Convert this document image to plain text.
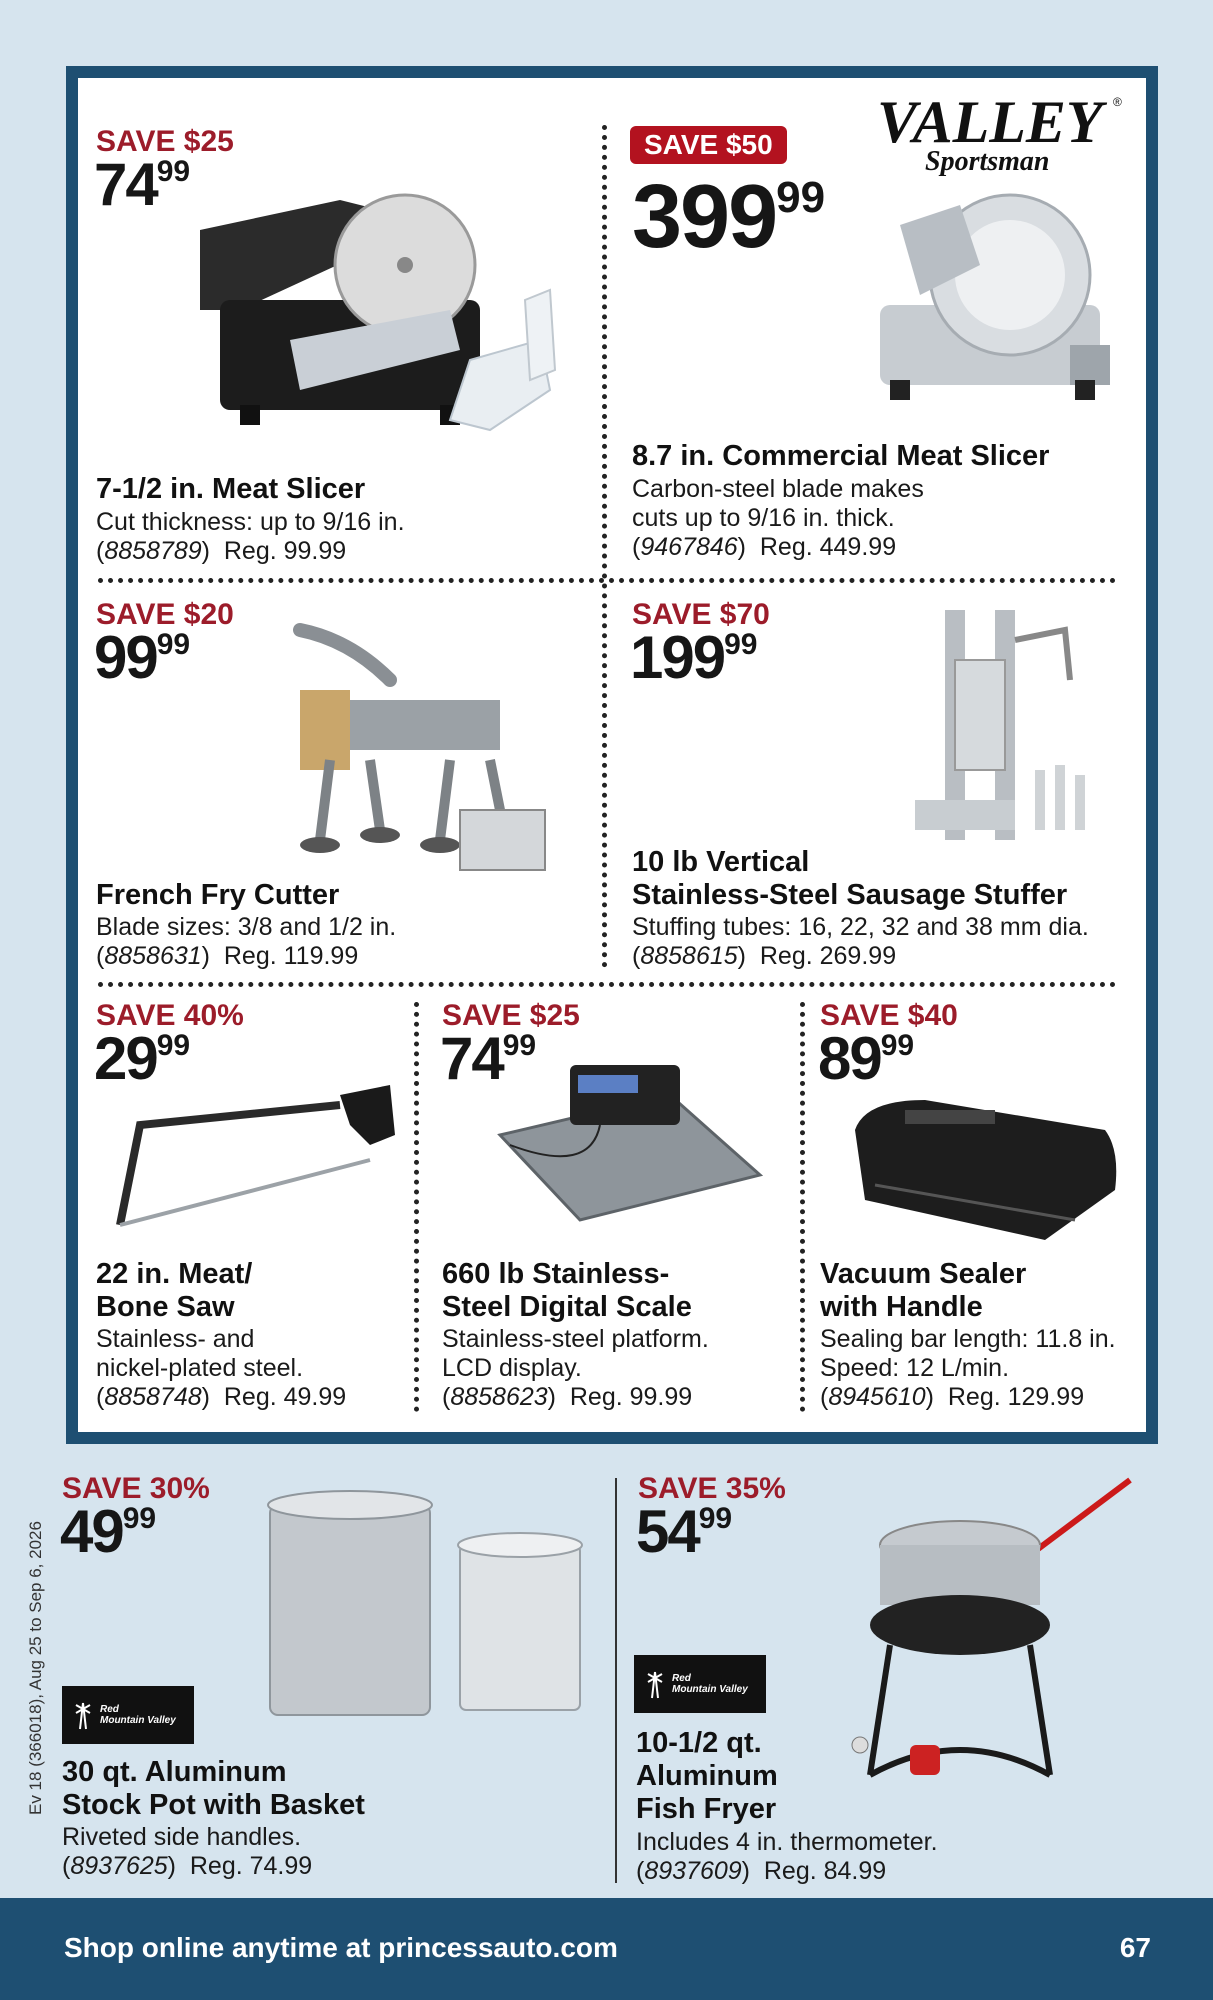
VALLEY
Sportsman
®
SAVE $25
7499
7-1/2 in. Meat Slicer
Cut thickness: up to 9/16 in.
(8858789)  Reg. 99.99
SAVE $50
39999
8.7 in. Commercial Meat Slicer
Carbon-steel blade makes
cuts up to 9/16 in. thick.
(9467846)  Reg. 449.99
SAVE $20
9999
French Fry Cutter
Blade sizes: 3/8 and 1/2 in.
(8858631)  Reg. 119.99
SAVE $70
19999
10 lb Vertical
Stainless-Steel Sausage Stuffer
Stuffing tubes: 16, 22, 32 and 38 mm dia.
(8858615)  Reg. 269.99
SAVE 40%
2999
22 in. Meat/
Bone Saw
Stainless- and
nickel-plated steel.
(8858748)  Reg. 49.99
SAVE $25
7499
660 lb Stainless-
Steel Digital Scale
Stainless-steel platform.
LCD display.
(8858623)  Reg. 99.99
SAVE $40
8999
Vacuum Sealer
with Handle
Sealing bar length: 11.8 in.
Speed: 12 L/min.
(8945610)  Reg. 129.99
Ev 18 (366018), Aug 25 to Sep 6, 2026
SAVE 30%
4999
Red
Mountain Valley
30 qt. Aluminum
Stock Pot with Basket
Riveted side handles.
(8937625)  Reg. 74.99
SAVE 35%
5499
Red
Mountain Valley
10-1/2 qt.
Aluminum
Fish Fryer
Includes 4 in. thermometer.
(8937609)  Reg. 84.99
Shop online anytime at princessauto.com	67
